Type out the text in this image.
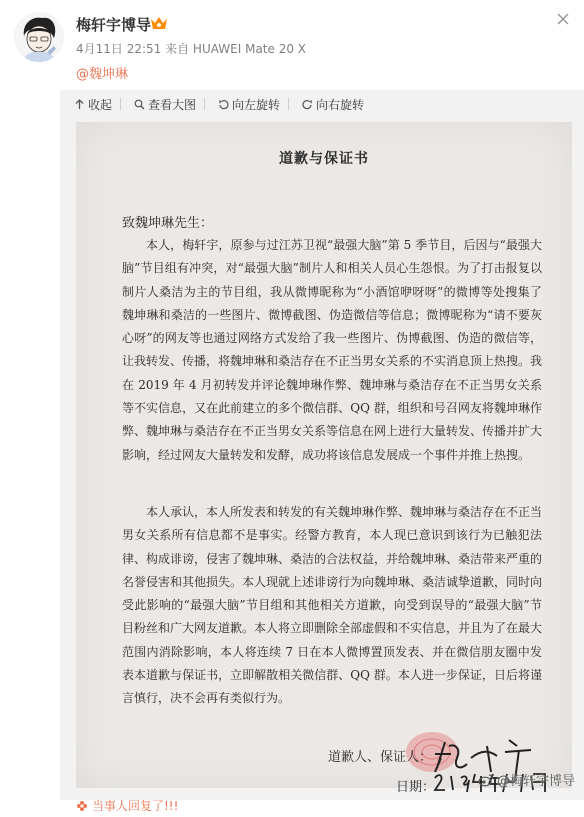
梅轩宇博导
4月11日 22:51 来自 HUAWEI Mate 20 X
@魏坤琳
收起	查看大图	向左旋转	向右旋转
道歉与保证书
致魏坤琳先生：

本人，梅轩宇，原参与过江苏卫视“最强大脑”第 5 季节目，后因与“最强大脑”节目组有冲突，对“最强大脑”制片人和相关人员心生怨恨。为了打击报复以制片人桑洁为主的节目组，我从微博昵称为“小酒馆咿呀呀”的微博等处搜集了魏坤琳和桑洁的一些图片、微博截图、伪造微信等信息；微博昵称为“请不要灰心呀”的网友等也通过网络方式发给了我一些图片、伪博截图、伪造的微信等，让我转发、传播，将魏坤琳和桑洁存在不正当男女关系的不实消息顶上热搜。我在 2019 年 4 月初转发并评论魏坤琳作弊、魏坤琳与桑洁存在不正当男女关系等不实信息，又在此前建立的多个微信群、QQ 群，组织和号召网友将魏坤琳作弊、魏坤琳与桑洁存在不正当男女关系等信息在网上进行大量转发、传播并扩大影响，经过网友大量转发和发酵，成功将该信息发展成一个事件并推上热搜。

本人承认，本人所发表和转发的有关魏坤琳作弊、魏坤琳与桑洁存在不正当男女关系所有信息都不是事实。经警方教育，本人现已意识到该行为已触犯法律、构成诽谤，侵害了魏坤琳、桑洁的合法权益，并给魏坤琳、桑洁带来严重的名誉侵害和其他损失。本人现就上述诽谤行为向魏坤琳、桑洁诚挚道歉，同时向受此影响的“最强大脑”节目组和其他相关方道歉，向受到误导的“最强大脑”节目粉丝和广大网友道歉。本人将立即删除全部虚假和不实信息，并且为了在最大范围内消除影响，本人将连续 7 日在本人微博置顶发表、并在微信朋友圈中发表本道歉与保证书，立即解散相关微信群、QQ 群。本人进一步保证，日后将谨言慎行，决不会再有类似行为。

道歉人、保证人：
日期：	@梅轩宇博导
当事人回复了!!!
